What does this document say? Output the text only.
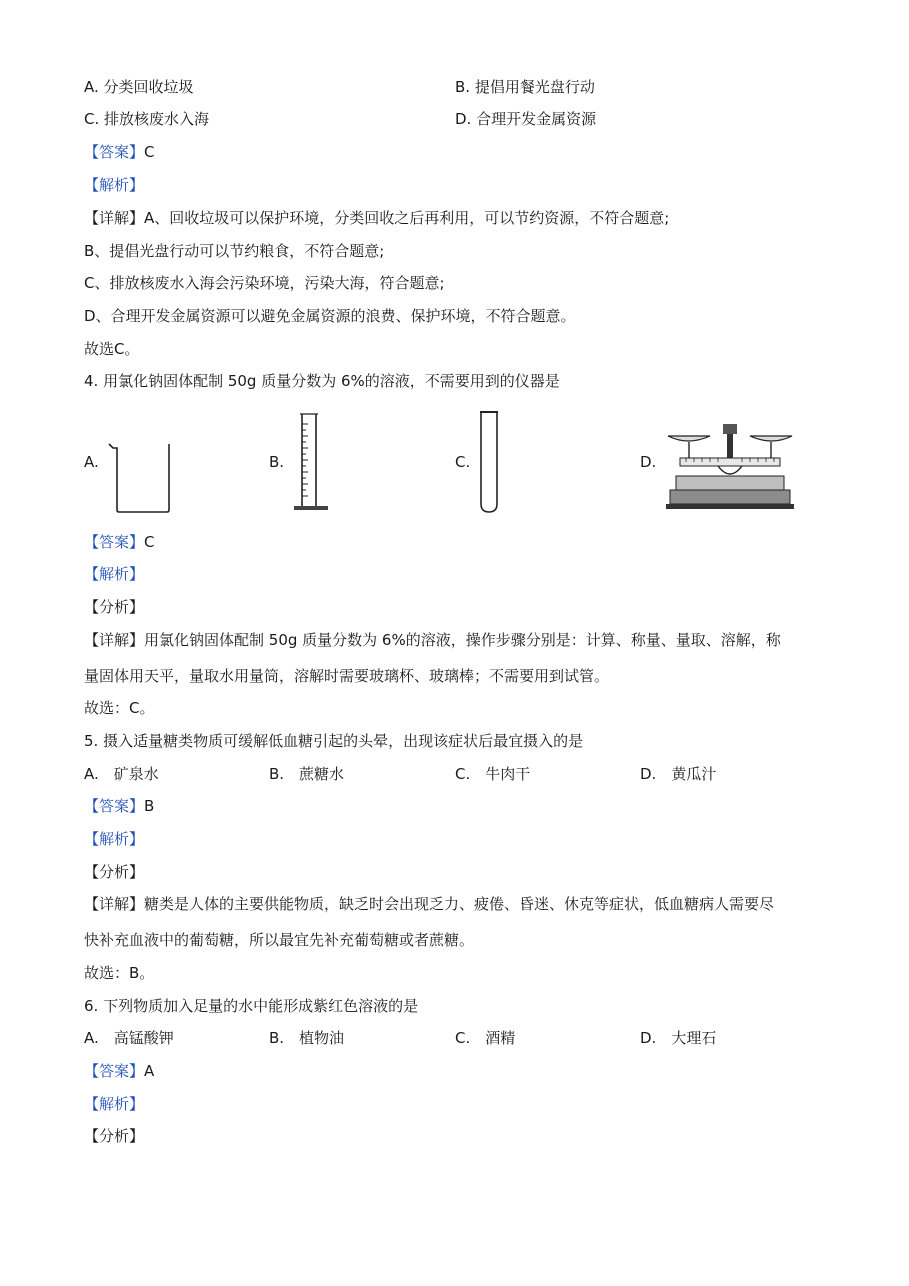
A. 分类回收垃圾	B. 提倡用餐光盘行动
C. 排放核废水入海	D. 合理开发金属资源
【答案】C
【解析】
【详解】A、回收垃圾可以保护环境，分类回收之后再利用，可以节约资源，不符合题意;
B、提倡光盘行动可以节约粮食，不符合题意;
C、排放核废水入海会污染环境，污染大海，符合题意;
D、合理开发金属资源可以避免金属资源的浪费、保护环境，不符合题意。
故选C。
4. 用氯化钠固体配制 50g 质量分数为 6%的溶液，不需要用到的仪器是
A.	B.	C.	D.
【答案】C
【解析】
【分析】
【详解】用氯化钠固体配制 50g 质量分数为 6%的溶液，操作步骤分别是：计算、称量、量取、溶解，称
量固体用天平，量取水用量筒，溶解时需要玻璃杯、玻璃棒；不需要用到试管。
故选：C。
5. 摄入适量糖类物质可缓解低血糖引起的头晕，出现该症状后最宜摄入的是
A.　矿泉水	B.　蔗糖水	C.　牛肉干	D.　黄瓜汁
【答案】B
【解析】
【分析】
【详解】糖类是人体的主要供能物质，缺乏时会出现乏力、疲倦、昏迷、休克等症状，低血糖病人需要尽
快补充血液中的葡萄糖，所以最宜先补充葡萄糖或者蔗糖。
故选：B。
6. 下列物质加入足量的水中能形成紫红色溶液的是
A.　高锰酸钾	B.　植物油	C.　酒精	D.　大理石
【答案】A
【解析】
【分析】
